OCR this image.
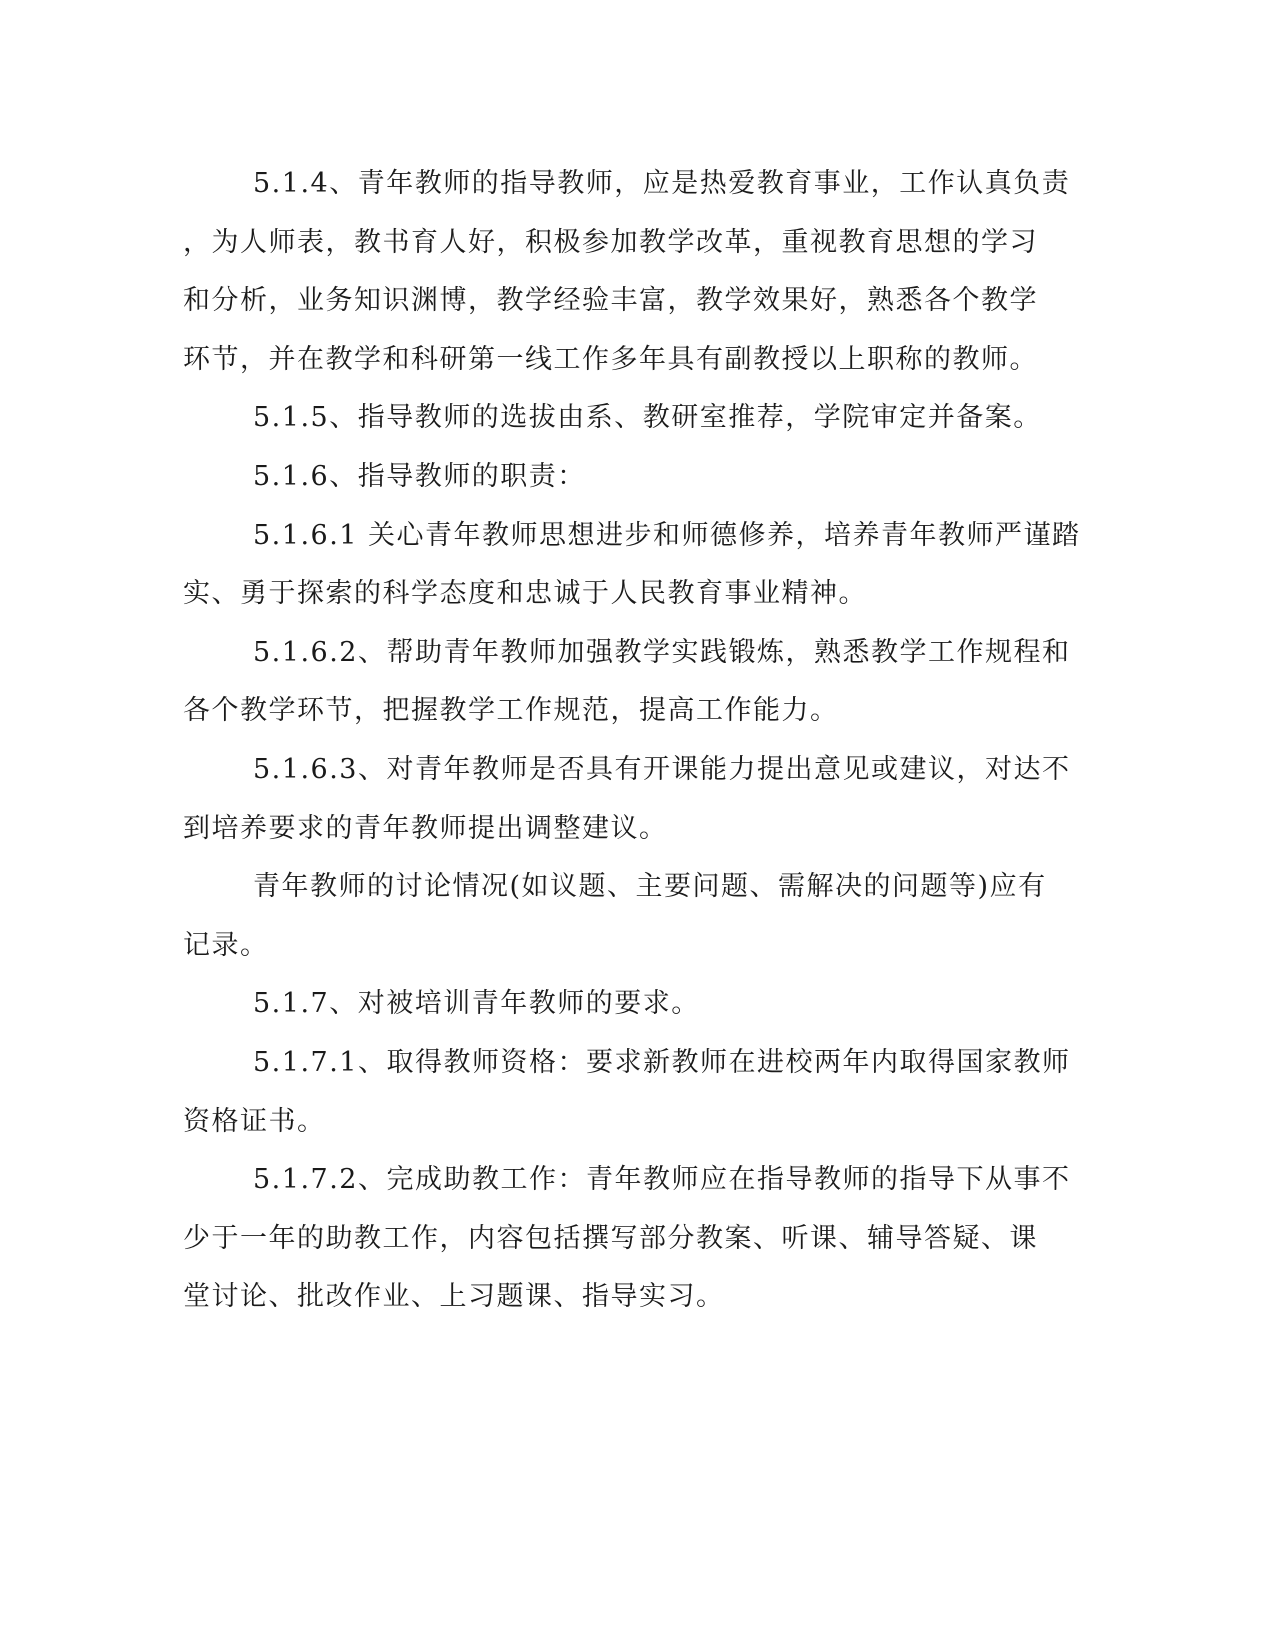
5.1.4、青年教师的指导教师，应是热爱教育事业，工作认真负责
，为人师表，教书育人好，积极参加教学改革，重视教育思想的学习
和分析，业务知识渊博，教学经验丰富，教学效果好，熟悉各个教学
环节，并在教学和科研第一线工作多年具有副教授以上职称的教师。
5.1.5、指导教师的选拔由系、教研室推荐，学院审定并备案。
5.1.6、指导教师的职责：
5.1.6.1 关心青年教师思想进步和师德修养，培养青年教师严谨踏
实、勇于探索的科学态度和忠诚于人民教育事业精神。
5.1.6.2、帮助青年教师加强教学实践锻炼，熟悉教学工作规程和
各个教学环节，把握教学工作规范，提高工作能力。
5.1.6.3、对青年教师是否具有开课能力提出意见或建议，对达不
到培养要求的青年教师提出调整建议。
青年教师的讨论情况(如议题、主要问题、需解决的问题等)应有
记录。
5.1.7、对被培训青年教师的要求。
5.1.7.1、取得教师资格：要求新教师在进校两年内取得国家教师
资格证书。
5.1.7.2、完成助教工作：青年教师应在指导教师的指导下从事不
少于一年的助教工作，内容包括撰写部分教案、听课、辅导答疑、课
堂讨论、批改作业、上习题课、指导实习。
